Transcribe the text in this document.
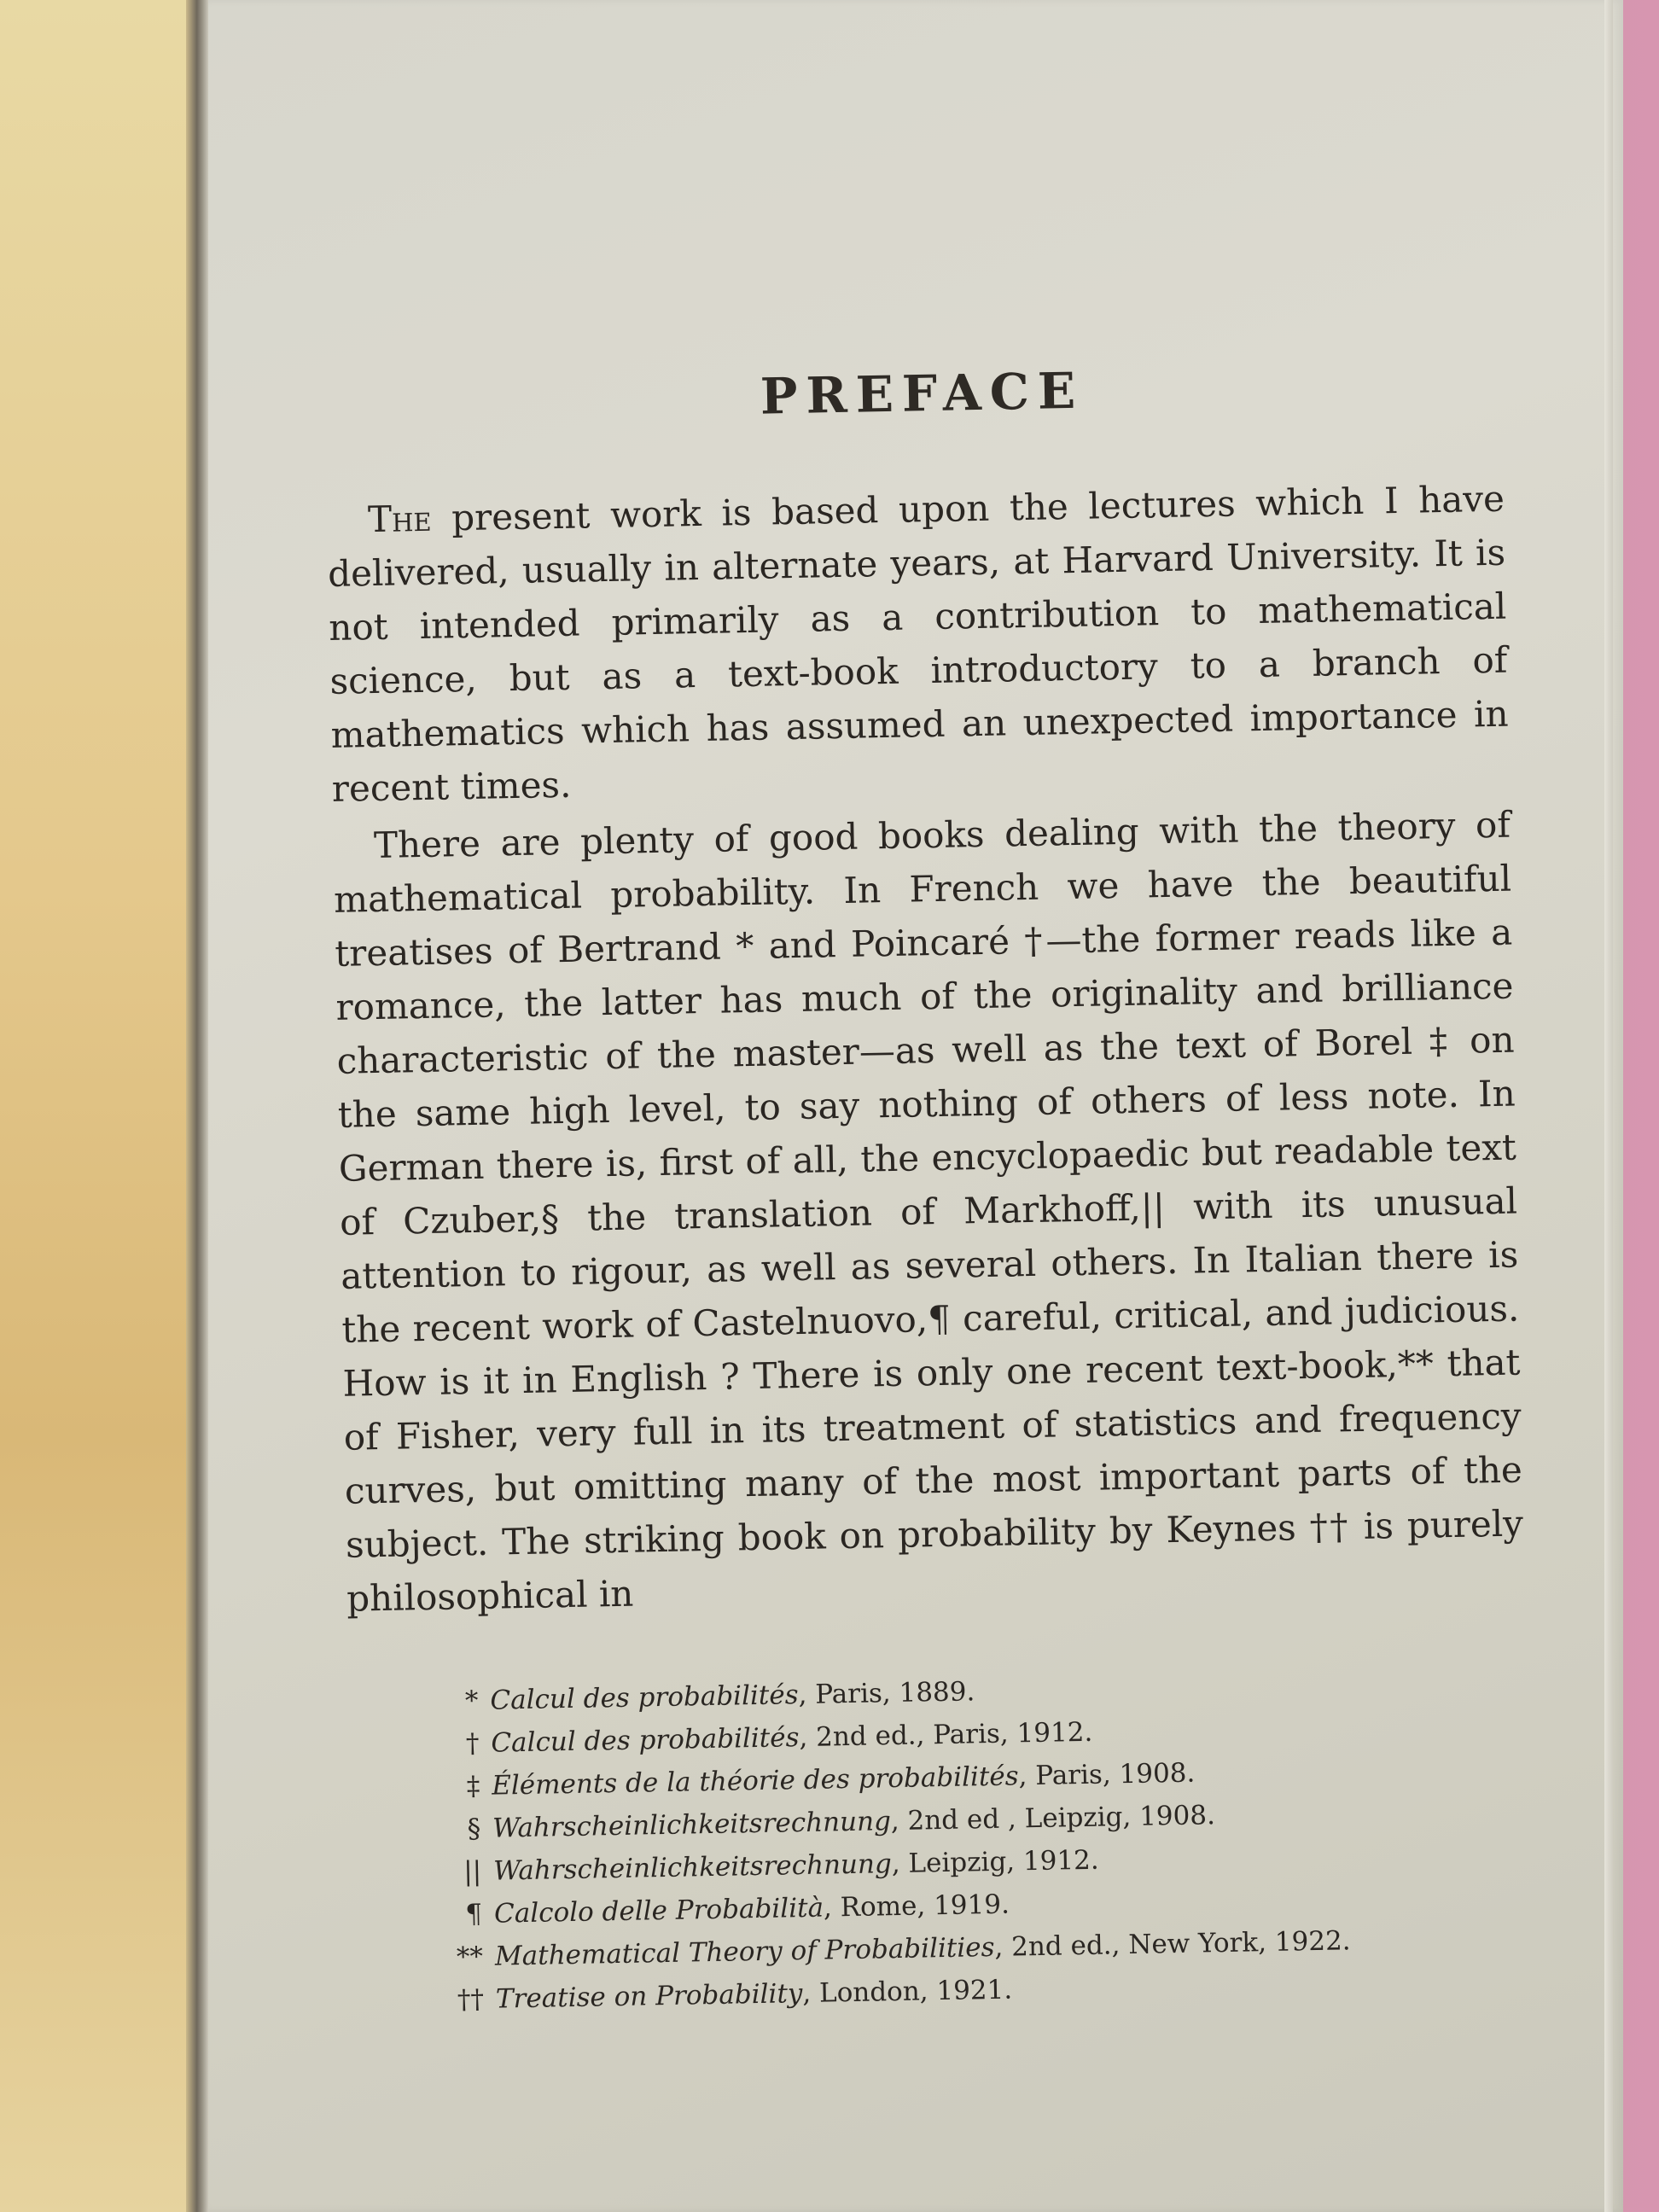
PREFACE

The present work is based upon the lectures which I have delivered, usually in alternate years, at Harvard University. It is not intended primarily as a contribution to mathematical science, but as a text-book introductory to a branch of mathematics which has assumed an unexpected importance in recent times.

There are plenty of good books dealing with the theory of mathematical probability. In French we have the beautiful treatises of Bertrand * and Poincaré †—the former reads like a romance, the latter has much of the originality and brilliance characteristic of the master—as well as the text of Borel ‡ on the same high level, to say nothing of others of less note. In German there is, first of all, the encyclopaedic but readable text of Czuber,§ the translation of Markhoff,|| with its unusual attention to rigour, as well as several others. In Italian there is the recent work of Castelnuovo,¶ careful, critical, and judicious. How is it in English ? There is only one recent text-book,** that of Fisher, very full in its treatment of statistics and frequency curves, but omitting many of the most important parts of the subject. The striking book on probability by Keynes †† is purely philosophical in

* Calcul des probabilités, Paris, 1889.
† Calcul des probabilités, 2nd ed., Paris, 1912.
‡ Éléments de la théorie des probabilités, Paris, 1908.
§ Wahrscheinlichkeitsrechnung, 2nd ed , Leipzig, 1908.
|| Wahrscheinlichkeitsrechnung, Leipzig, 1912.
¶ Calcolo delle Probabilità, Rome, 1919.
** Mathematical Theory of Probabilities, 2nd ed., New York, 1922.
†† Treatise on Probability, London, 1921.
